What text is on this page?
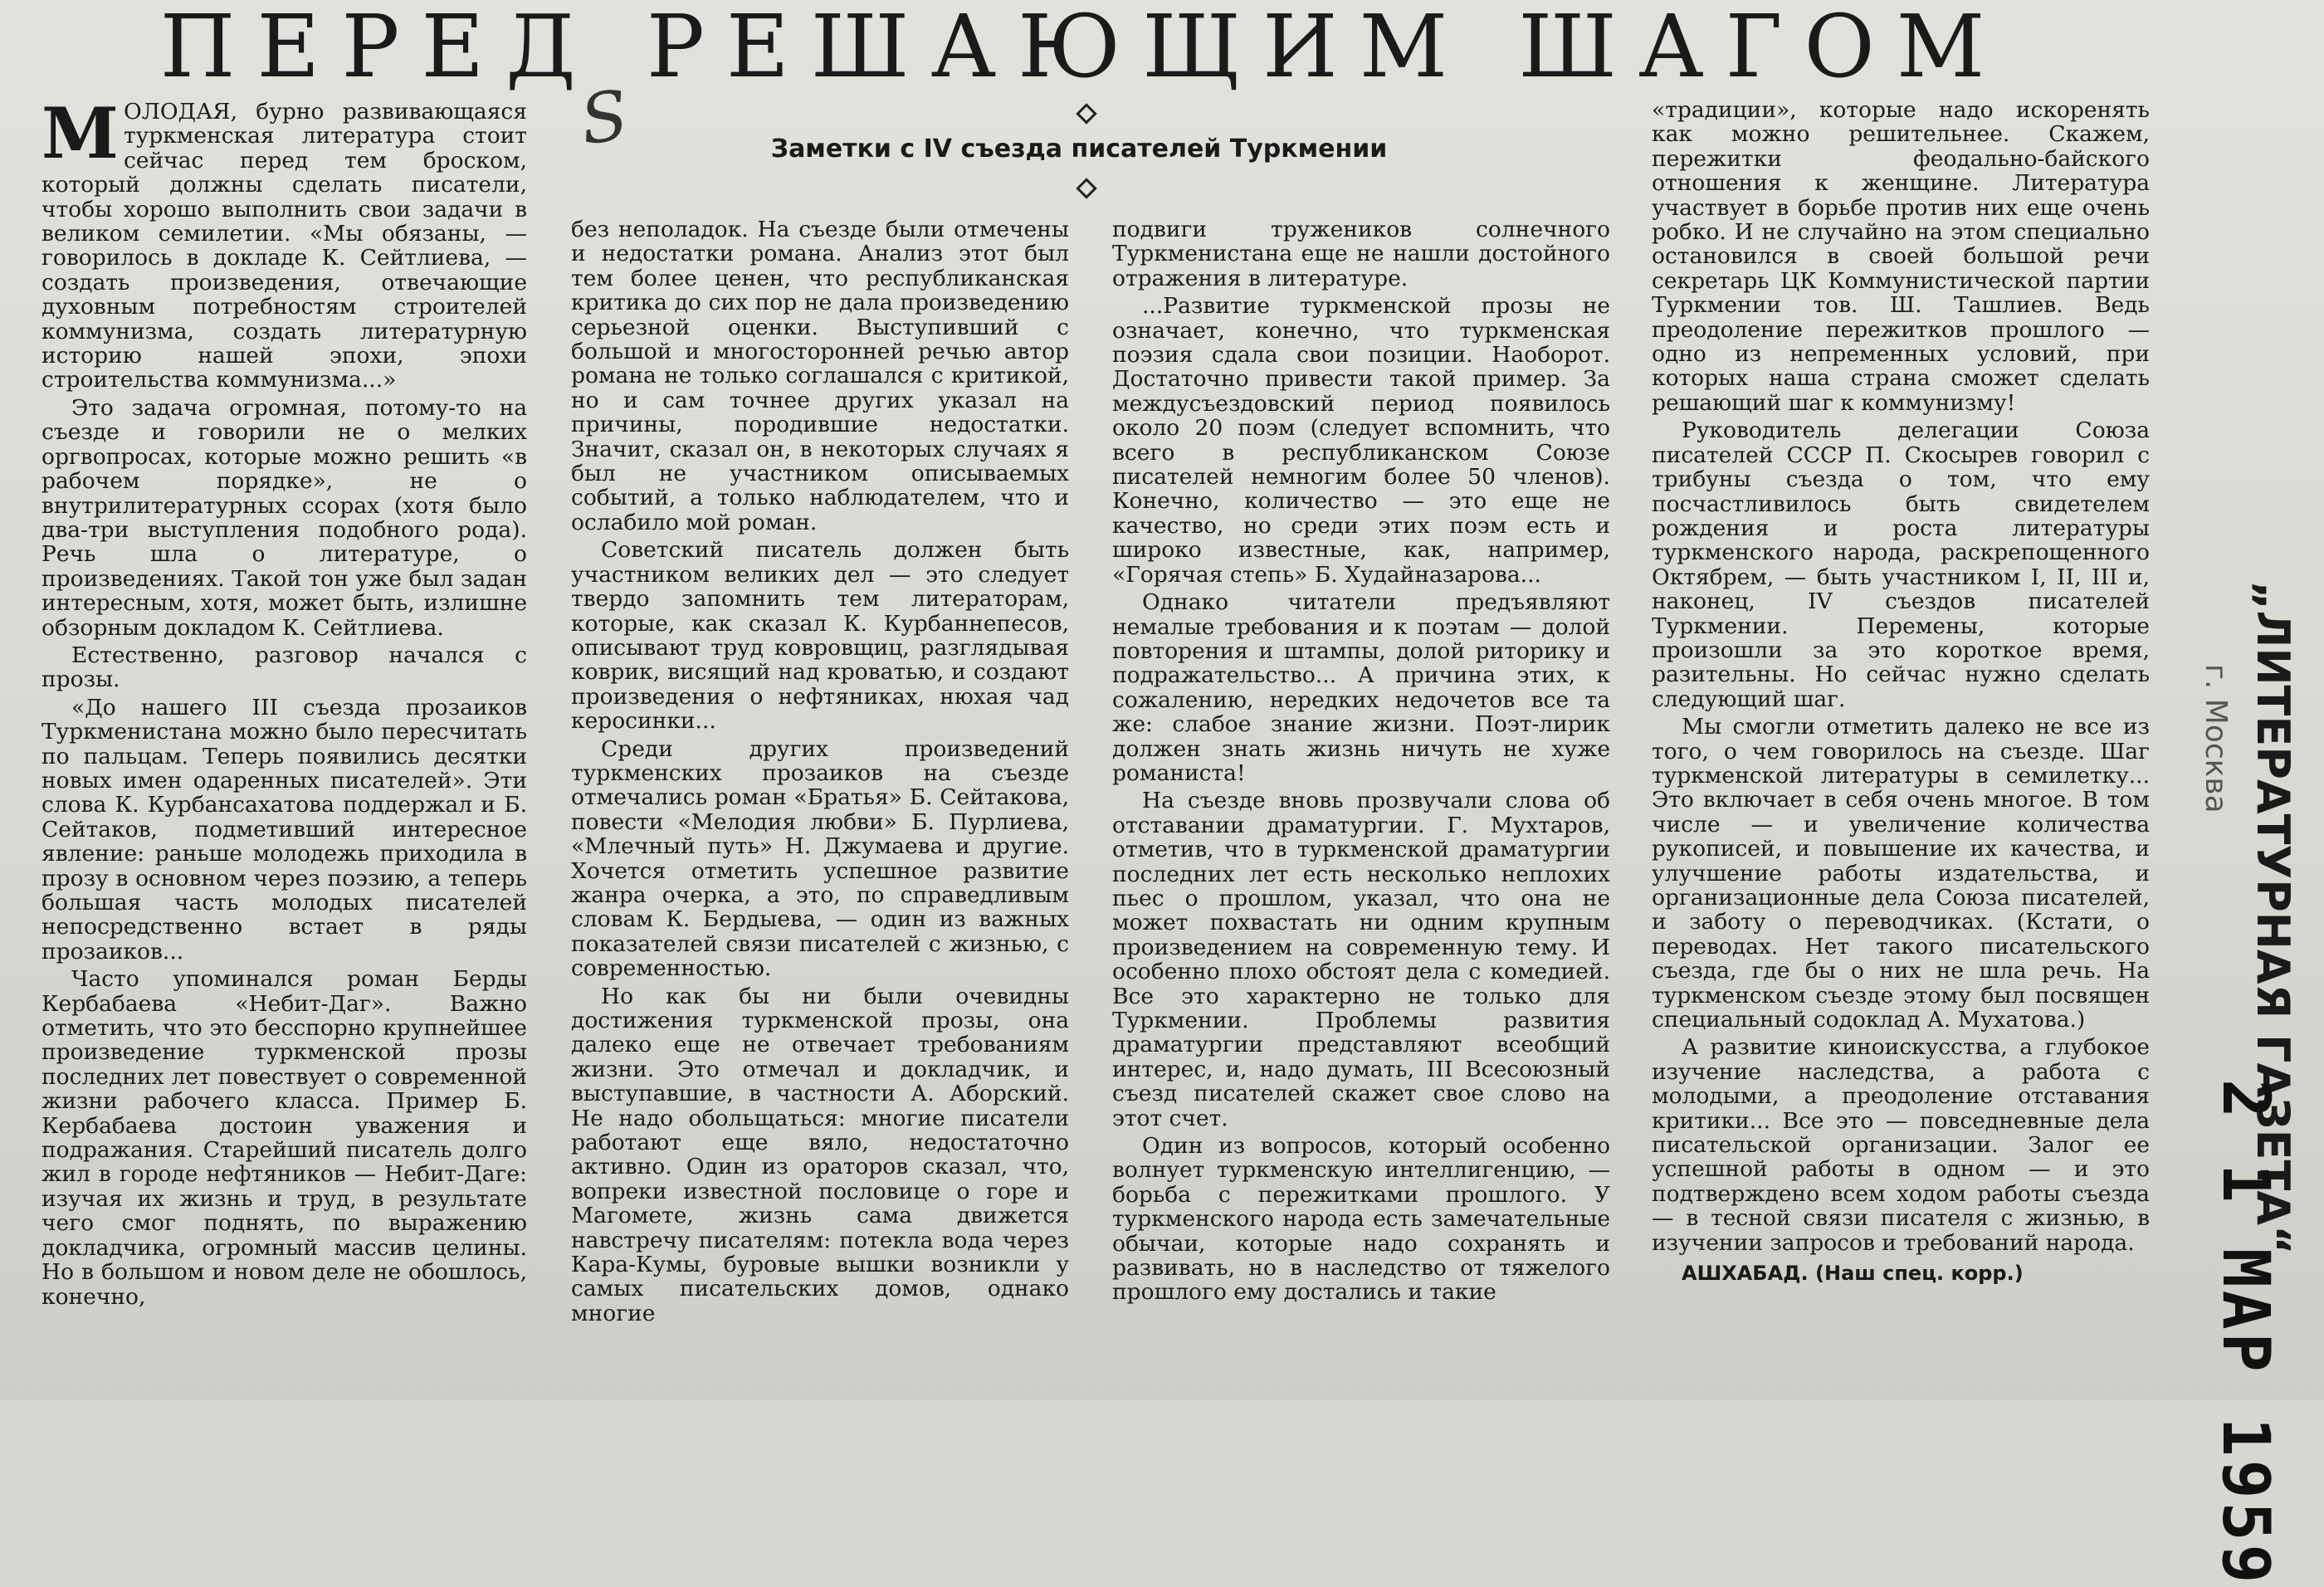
ПЕРЕД РЕШАЮЩИМ ШАГОМ
S	Заметки с IV съезда писателей Туркмении

МОЛОДАЯ, бурно развивающаяся туркменская литература стоит сейчас перед тем броском, который должны сделать писатели, чтобы хорошо выполнить свои задачи в великом семилетии. «Мы обязаны, — говорилось в докладе К. Сейтлиева, — создать произведения, отвечающие духовным потребностям строителей коммунизма, создать литературную историю нашей эпохи, эпохи строительства коммунизма...»

Это задача огромная, потому-то на съезде и говорили не о мелких оргвопросах, которые можно решить «в рабочем порядке», не о внутрилитературных ссорах (хотя было два-три выступления подобного рода). Речь шла о литературе, о произведениях. Такой тон уже был задан интересным, хотя, может быть, излишне обзорным докладом К. Сейтлиева.

Естественно, разговор начался с прозы.

«До нашего III съезда прозаиков Туркменистана можно было пересчитать по пальцам. Теперь появились десятки новых имен одаренных писателей». Эти слова К. Курбансахатова поддержал и Б. Сейтаков, подметивший интересное явление: раньше молодежь приходила в прозу в основном через поэзию, а теперь большая часть молодых писателей непосредственно встает в ряды прозаиков...

Часто упоминался роман Берды Кербабаева «Небит-Даг». Важно отметить, что это бесспорно крупнейшее произведение туркменской прозы последних лет повествует о современной жизни рабочего класса. Пример Б. Кербабаева достоин уважения и подражания. Старейший писатель долго жил в городе нефтяников — Небит-Даге: изучая их жизнь и труд, в результате чего смог поднять, по выражению докладчика, огромный массив целины. Но в большом и новом деле не обошлось, конечно,

без неполадок. На съезде были отмечены и недостатки романа. Анализ этот был тем более ценен, что республиканская критика до сих пор не дала произведению серьезной оценки. Выступивший с большой и многосторонней речью автор романа не только соглашался с критикой, но и сам точнее других указал на причины, породившие недостатки. Значит, сказал он, в некоторых случаях я был не участником описываемых событий, а только наблюдателем, что и ослабило мой роман.

Советский писатель должен быть участником великих дел — это следует твердо запомнить тем литераторам, которые, как сказал К. Курбаннепесов, описывают труд ковровщиц, разглядывая коврик, висящий над кроватью, и создают произведения о нефтяниках, нюхая чад керосинки...

Среди других произведений туркменских прозаиков на съезде отмечались роман «Братья» Б. Сейтакова, повести «Мелодия любви» Б. Пурлиева, «Млечный путь» Н. Джумаева и другие. Хочется отметить успешное развитие жанра очерка, а это, по справедливым словам К. Бердыева, — один из важных показателей связи писателей с жизнью, с современностью.

Но как бы ни были очевидны достижения туркменской прозы, она далеко еще не отвечает требованиям жизни. Это отмечал и докладчик, и выступавшие, в частности А. Аборский. Не надо обольщаться: многие писатели работают еще вяло, недостаточно активно. Один из ораторов сказал, что, вопреки известной пословице о горе и Магомете, жизнь сама движется навстречу писателям: потекла вода через Кара-Кумы, буровые вышки возникли у самых писательских домов, однако многие

подвиги тружеников солнечного Туркменистана еще не нашли достойного отражения в литературе.

...Развитие туркменской прозы не означает, конечно, что туркменская поэзия сдала свои позиции. Наоборот. Достаточно привести такой пример. За междусъездовский период появилось около 20 поэм (следует вспомнить, что всего в республиканском Союзе писателей немногим более 50 членов). Конечно, количество — это еще не качество, но среди этих поэм есть и широко известные, как, например, «Горячая степь» Б. Худайназарова...

Однако читатели предъявляют немалые требования и к поэтам — долой повторения и штампы, долой риторику и подражательство... А причина этих, к сожалению, нередких недочетов все та же: слабое знание жизни. Поэт-лирик должен знать жизнь ничуть не хуже романиста!

На съезде вновь прозвучали слова об отставании драматургии. Г. Мухтаров, отметив, что в туркменской драматургии последних лет есть несколько неплохих пьес о прошлом, указал, что она не может похвастать ни одним крупным произведением на современную тему. И особенно плохо обстоят дела с комедией. Все это характерно не только для Туркмении. Проблемы развития драматургии представляют всеобщий интерес, и, надо думать, III Всесоюзный съезд писателей скажет свое слово на этот счет.

Один из вопросов, который особенно волнует туркменскую интеллигенцию, — борьба с пережитками прошлого. У туркменского народа есть замечательные обычаи, которые надо сохранять и развивать, но в наследство от тяжелого прошлого ему достались и такие

«традиции», которые надо искоренять как можно решительнее. Скажем, пережитки феодально-байского отношения к женщине. Литература участвует в борьбе против них еще очень робко. И не случайно на этом специально остановился в своей большой речи секретарь ЦК Коммунистической партии Туркмении тов. Ш. Ташлиев. Ведь преодоление пережитков прошлого — одно из непременных условий, при которых наша страна сможет сделать решающий шаг к коммунизму!

Руководитель делегации Союза писателей СССР П. Скосырев говорил с трибуны съезда о том, что ему посчастливилось быть свидетелем рождения и роста литературы туркменского народа, раскрепощенного Октябрем, — быть участником I, II, III и, наконец, IV съездов писателей Туркмении. Перемены, которые произошли за это короткое время, разительны. Но сейчас нужно сделать следующий шаг.

Мы смогли отметить далеко не все из того, о чем говорилось на съезде. Шаг туркменской литературы в семилетку... Это включает в себя очень многое. В том числе — и увеличение количества рукописей, и повышение их качества, и улучшение работы издательства, и организационные дела Союза писателей, и заботу о переводчиках. (Кстати, о переводах. Нет такого писательского съезда, где бы о них не шла речь. На туркменском съезде этому был посвящен специальный содоклад А. Мухатова.)

А развитие киноискусства, а глубокое изучение наследства, а работа с молодыми, а преодоление отставания критики... Все это — повседневные дела писательской организации. Залог ее успешной работы в одном — и это подтверждено всем ходом работы съезда — в тесной связи писателя с жизнью, в изучении запросов и требований народа.

АШХАБАД. (Наш спец. корр.)
„ЛИТЕРАТУРНАЯ ГАЗЕТА“
г. Москва
2 1 МАР 1959
